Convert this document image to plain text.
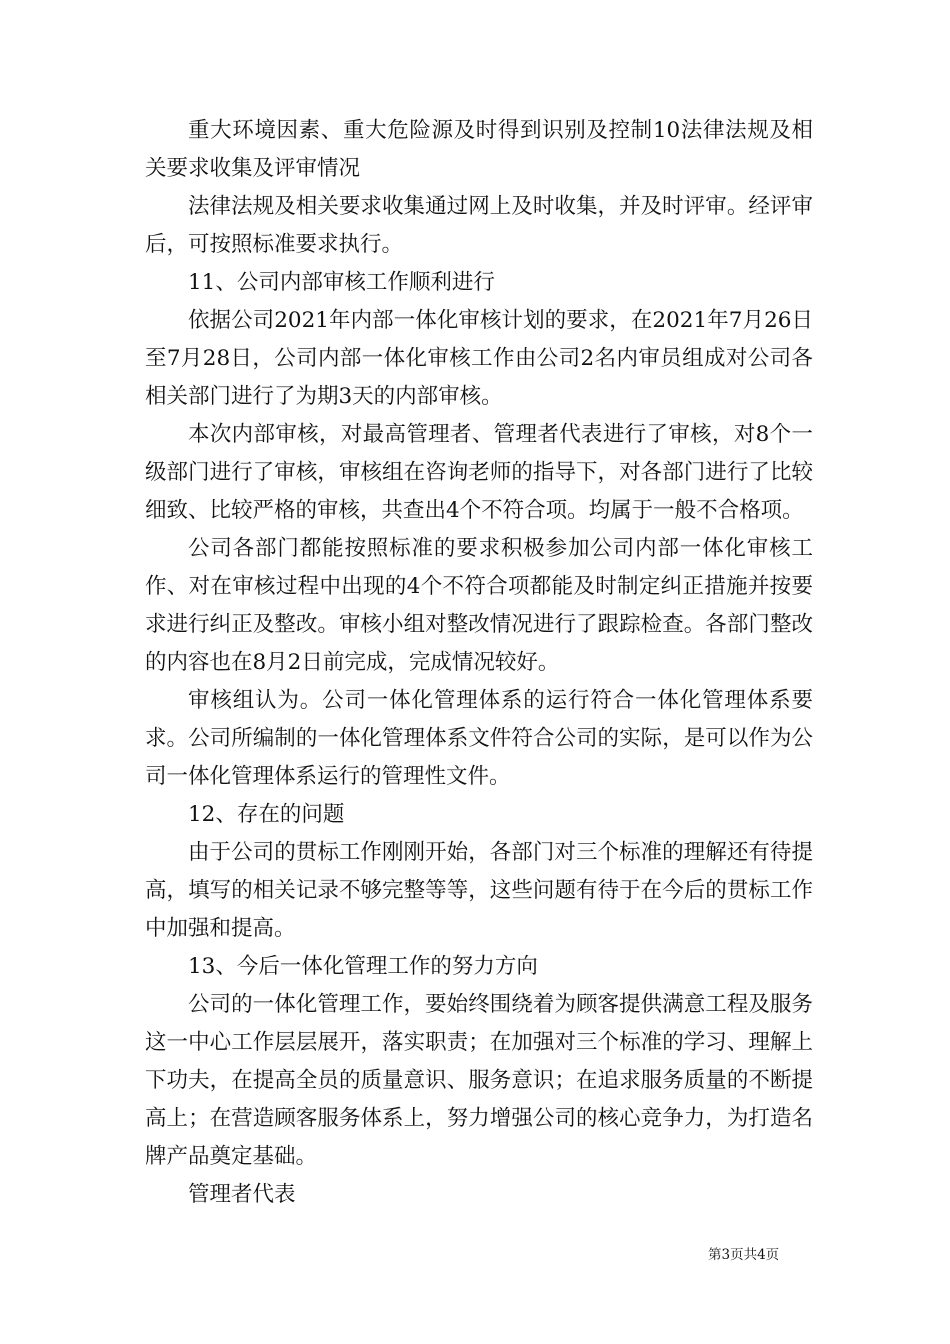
重大环境因素、重大危险源及时得到识别及控制10法律法规及相关要求收集及评审情况

法律法规及相关要求收集通过网上及时收集，并及时评审。经评审后，可按照标准要求执行。

11、公司内部审核工作顺利进行

依据公司2021年内部一体化审核计划的要求，在2021年7月26日至7月28日，公司内部一体化审核工作由公司2名内审员组成对公司各相关部门进行了为期3天的内部审核。

本次内部审核，对最高管理者、管理者代表进行了审核，对8个一级部门进行了审核，审核组在咨询老师的指导下，对各部门进行了比较细致、比较严格的审核，共查出4个不符合项。均属于一般不合格项。

公司各部门都能按照标准的要求积极参加公司内部一体化审核工作、对在审核过程中出现的4个不符合项都能及时制定纠正措施并按要求进行纠正及整改。审核小组对整改情况进行了跟踪检查。各部门整改的内容也在8月2日前完成，完成情况较好。

审核组认为。公司一体化管理体系的运行符合一体化管理体系要求。公司所编制的一体化管理体系文件符合公司的实际，是可以作为公司一体化管理体系运行的管理性文件。

12、存在的问题

由于公司的贯标工作刚刚开始，各部门对三个标准的理解还有待提高，填写的相关记录不够完整等等，这些问题有待于在今后的贯标工作中加强和提高。

13、今后一体化管理工作的努力方向

公司的一体化管理工作，要始终围绕着为顾客提供满意工程及服务这一中心工作层层展开，落实职责；在加强对三个标准的学习、理解上下功夫，在提高全员的质量意识、服务意识；在追求服务质量的不断提高上；在营造顾客服务体系上，努力增强公司的核心竞争力，为打造名牌产品奠定基础。

管理者代表

第3页共4页
